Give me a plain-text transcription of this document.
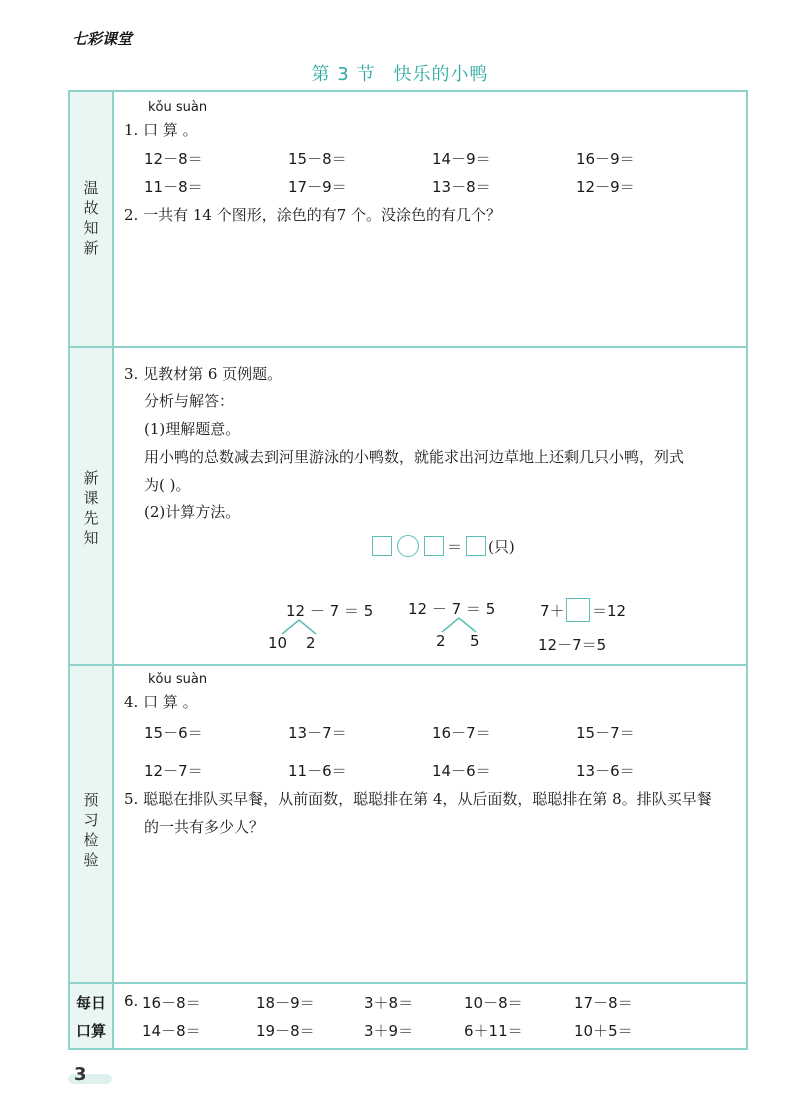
七彩课堂
第 3 节 快乐的小鸭
温
故
知
新
kǒu suàn
1. 口 算 。
12－8＝	15－8＝	14－9＝	16－9＝
11－8＝	17－9＝	13－8＝	12－9＝
2. 一共有 14 个图形，涂色的有7 个。没涂色的有几个？
新
课
先
知
3. 见教材第 6 页例题。
分析与解答：
(1)理解题意。
用小鸭的总数减去到河里游泳的小鸭数，就能求出河边草地上还剩几只小鸭，列式
为( )。
(2)计算方法。
＝ (只)
12 － 7 ＝ 5
10 2
12 － 7 ＝ 5
2 5
7＋ ＝12
12－7＝5
预
习
检
验
kǒu suàn
4. 口 算 。
15－6＝	13－7＝	16－7＝	15－7＝
12－7＝	11－6＝	14－6＝	13－6＝
5. 聪聪在排队买早餐，从前面数，聪聪排在第 4，从后面数，聪聪排在第 8。排队买早餐
的一共有多少人？
每日
口算
6. 16－8＝	18－9＝	3＋8＝	10－8＝	17－8＝
14－8＝	19－8＝	3＋9＝	6＋11＝	10＋5＝
3
